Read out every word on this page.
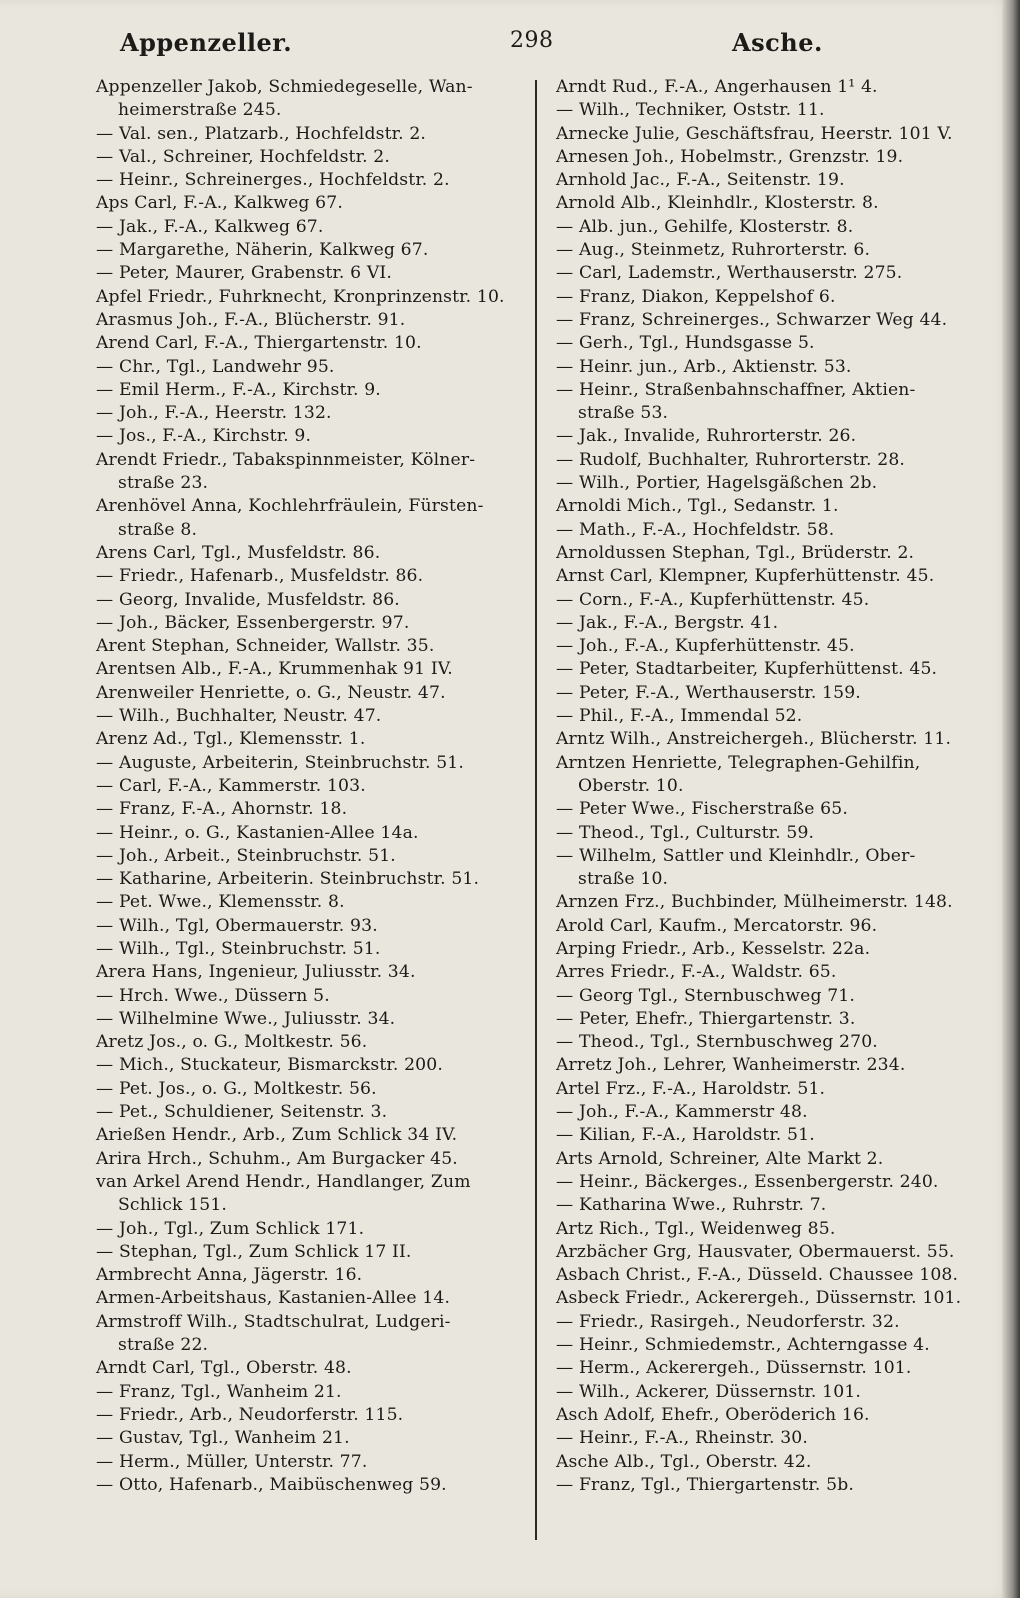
Appenzeller.	298	Asche.
Appenzeller Jakob, Schmiedegeselle, Wan-
heimerstraße 245.
— Val. sen., Platzarb., Hochfeldstr. 2.
— Val., Schreiner, Hochfeldstr. 2.
— Heinr., Schreinerges., Hochfeldstr. 2.
Aps Carl, F.-A., Kalkweg 67.
— Jak., F.-A., Kalkweg 67.
— Margarethe, Näherin, Kalkweg 67.
— Peter, Maurer, Grabenstr. 6 VI.
Apfel Friedr., Fuhrknecht, Kronprinzenstr. 10.
Arasmus Joh., F.-A., Blücherstr. 91.
Arend Carl, F.-A., Thiergartenstr. 10.
— Chr., Tgl., Landwehr 95.
— Emil Herm., F.-A., Kirchstr. 9.
— Joh., F.-A., Heerstr. 132.
— Jos., F.-A., Kirchstr. 9.
Arendt Friedr., Tabakspinnmeister, Kölner-
straße 23.
Arenhövel Anna, Kochlehrfräulein, Fürsten-
straße 8.
Arens Carl, Tgl., Musfeldstr. 86.
— Friedr., Hafenarb., Musfeldstr. 86.
— Georg, Invalide, Musfeldstr. 86.
— Joh., Bäcker, Essenbergerstr. 97.
Arent Stephan, Schneider, Wallstr. 35.
Arentsen Alb., F.-A., Krummenhak 91 IV.
Arenweiler Henriette, o. G., Neustr. 47.
— Wilh., Buchhalter, Neustr. 47.
Arenz Ad., Tgl., Klemensstr. 1.
— Auguste, Arbeiterin, Steinbruchstr. 51.
— Carl, F.-A., Kammerstr. 103.
— Franz, F.-A., Ahornstr. 18.
— Heinr., o. G., Kastanien-Allee 14a.
— Joh., Arbeit., Steinbruchstr. 51.
— Katharine, Arbeiterin. Steinbruchstr. 51.
— Pet. Wwe., Klemensstr. 8.
— Wilh., Tgl, Obermauerstr. 93.
— Wilh., Tgl., Steinbruchstr. 51.
Arera Hans, Ingenieur, Juliusstr. 34.
— Hrch. Wwe., Düssern 5.
— Wilhelmine Wwe., Juliusstr. 34.
Aretz Jos., o. G., Moltkestr. 56.
— Mich., Stuckateur, Bismarckstr. 200.
— Pet. Jos., o. G., Moltkestr. 56.
— Pet., Schuldiener, Seitenstr. 3.
Arießen Hendr., Arb., Zum Schlick 34 IV.
Arira Hrch., Schuhm., Am Burgacker 45.
van Arkel Arend Hendr., Handlanger, Zum
Schlick 151.
— Joh., Tgl., Zum Schlick 171.
— Stephan, Tgl., Zum Schlick 17 II.
Armbrecht Anna, Jägerstr. 16.
Armen-Arbeitshaus, Kastanien-Allee 14.
Armstroff Wilh., Stadtschulrat, Ludgeri-
straße 22.
Arndt Carl, Tgl., Oberstr. 48.
— Franz, Tgl., Wanheim 21.
— Friedr., Arb., Neudorferstr. 115.
— Gustav, Tgl., Wanheim 21.
— Herm., Müller, Unterstr. 77.
— Otto, Hafenarb., Maibüschenweg 59.
Arndt Rud., F.-A., Angerhausen 1¹ 4.
— Wilh., Techniker, Oststr. 11.
Arnecke Julie, Geschäftsfrau, Heerstr. 101 V.
Arnesen Joh., Hobelmstr., Grenzstr. 19.
Arnhold Jac., F.-A., Seitenstr. 19.
Arnold Alb., Kleinhdlr., Klosterstr. 8.
— Alb. jun., Gehilfe, Klosterstr. 8.
— Aug., Steinmetz, Ruhrorterstr. 6.
— Carl, Lademstr., Werthauserstr. 275.
— Franz, Diakon, Keppelshof 6.
— Franz, Schreinerges., Schwarzer Weg 44.
— Gerh., Tgl., Hundsgasse 5.
— Heinr. jun., Arb., Aktienstr. 53.
— Heinr., Straßenbahnschaffner, Aktien-
straße 53.
— Jak., Invalide, Ruhrorterstr. 26.
— Rudolf, Buchhalter, Ruhrorterstr. 28.
— Wilh., Portier, Hagelsgäßchen 2b.
Arnoldi Mich., Tgl., Sedanstr. 1.
— Math., F.-A., Hochfeldstr. 58.
Arnoldussen Stephan, Tgl., Brüderstr. 2.
Arnst Carl, Klempner, Kupferhüttenstr. 45.
— Corn., F.-A., Kupferhüttenstr. 45.
— Jak., F.-A., Bergstr. 41.
— Joh., F.-A., Kupferhüttenstr. 45.
— Peter, Stadtarbeiter, Kupferhüttenst. 45.
— Peter, F.-A., Werthauserstr. 159.
— Phil., F.-A., Immendal 52.
Arntz Wilh., Anstreichergeh., Blücherstr. 11.
Arntzen Henriette, Telegraphen-Gehilfin,
Oberstr. 10.
— Peter Wwe., Fischerstraße 65.
— Theod., Tgl., Culturstr. 59.
— Wilhelm, Sattler und Kleinhdlr., Ober-
straße 10.
Arnzen Frz., Buchbinder, Mülheimerstr. 148.
Arold Carl, Kaufm., Mercatorstr. 96.
Arping Friedr., Arb., Kesselstr. 22a.
Arres Friedr., F.-A., Waldstr. 65.
— Georg Tgl., Sternbuschweg 71.
— Peter, Ehefr., Thiergartenstr. 3.
— Theod., Tgl., Sternbuschweg 270.
Arretz Joh., Lehrer, Wanheimerstr. 234.
Artel Frz., F.-A., Haroldstr. 51.
— Joh., F.-A., Kammerstr 48.
— Kilian, F.-A., Haroldstr. 51.
Arts Arnold, Schreiner, Alte Markt 2.
— Heinr., Bäckerges., Essenbergerstr. 240.
— Katharina Wwe., Ruhrstr. 7.
Artz Rich., Tgl., Weidenweg 85.
Arzbächer Grg, Hausvater, Obermauerst. 55.
Asbach Christ., F.-A., Düsseld. Chaussee 108.
Asbeck Friedr., Ackerergeh., Düssernstr. 101.
— Friedr., Rasirgeh., Neudorferstr. 32.
— Heinr., Schmiedemstr., Achterngasse 4.
— Herm., Ackerergeh., Düssernstr. 101.
— Wilh., Ackerer, Düssernstr. 101.
Asch Adolf, Ehefr., Oberöderich 16.
— Heinr., F.-A., Rheinstr. 30.
Asche Alb., Tgl., Oberstr. 42.
— Franz, Tgl., Thiergartenstr. 5b.
